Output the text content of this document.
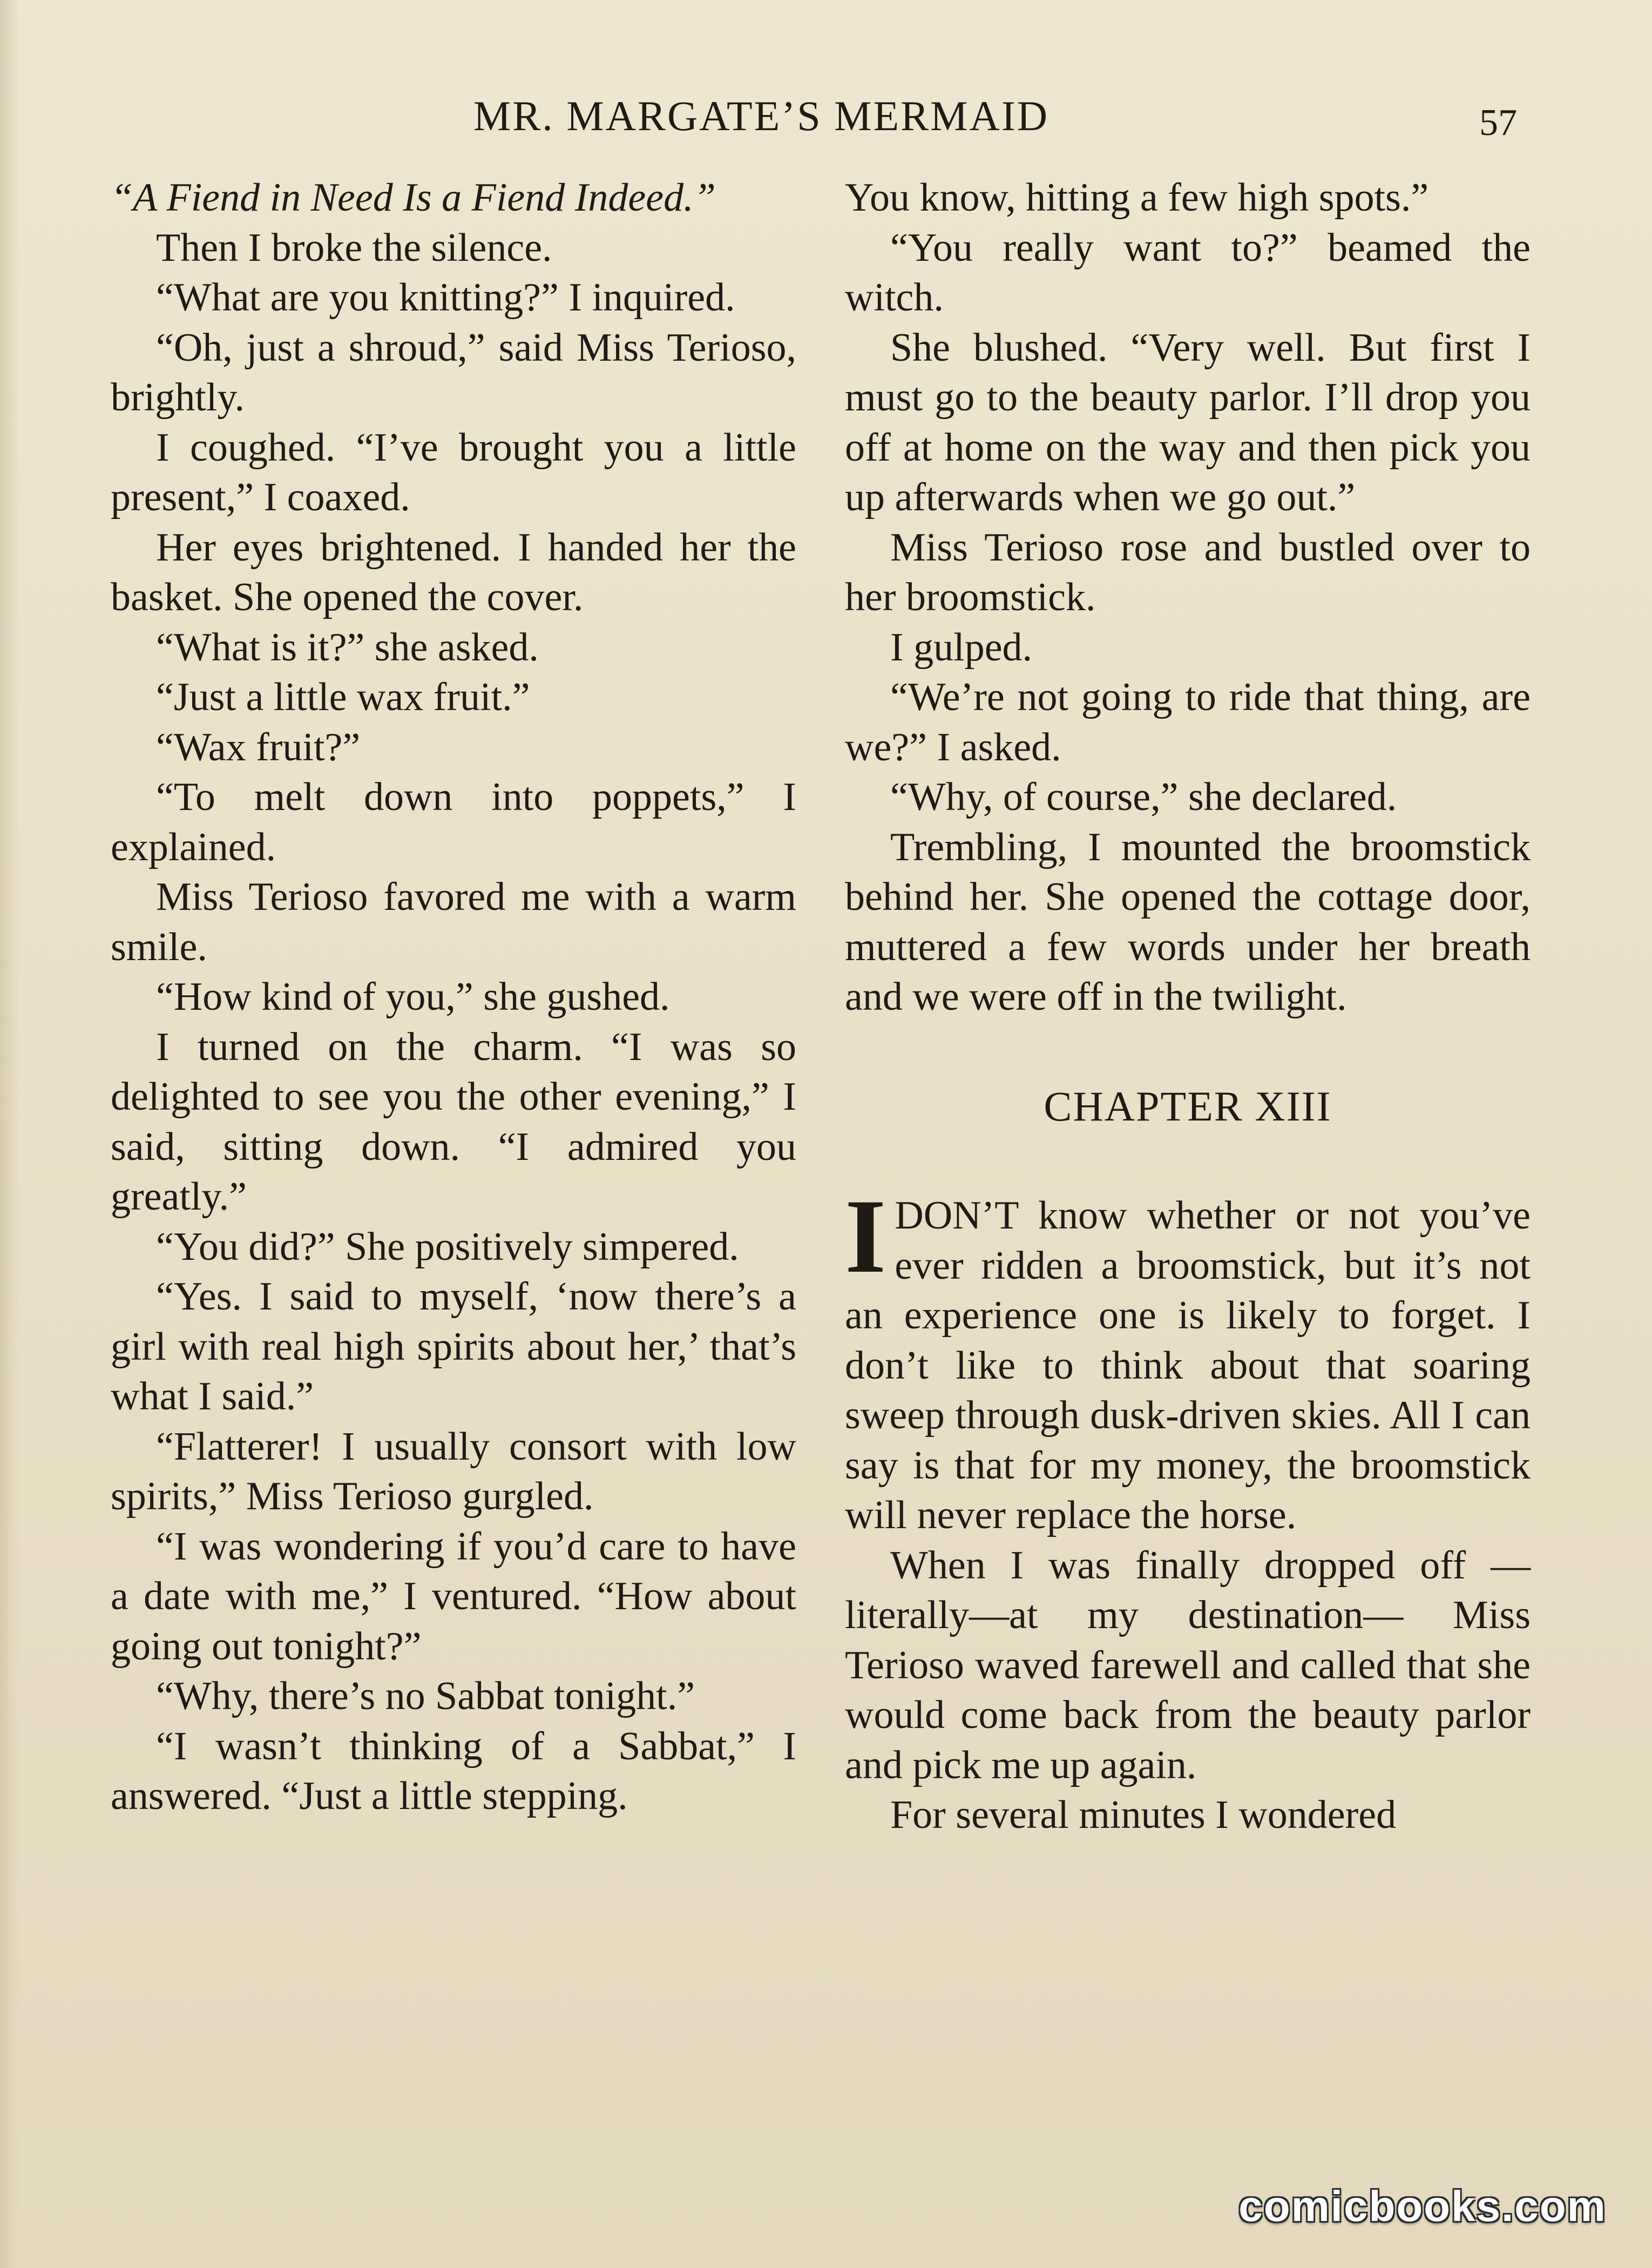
MR. MARGATE’S MERMAID	57

“A Fiend in Need Is a Fiend Indeed.”

Then I broke the silence.

“What are you knitting?” I inquired.

“Oh, just a shroud,” said Miss Terioso, brightly.

I coughed. “I’ve brought you a little present,” I coaxed.

Her eyes brightened. I handed her the basket. She opened the cover.

“What is it?” she asked.

“Just a little wax fruit.”

“Wax fruit?”

“To melt down into poppets,” I explained.

Miss Terioso favored me with a warm smile.

“How kind of you,” she gushed.

I turned on the charm. “I was so delighted to see you the other evening,” I said, sitting down. “I admired you greatly.”

“You did?” She positively simpered.

“Yes. I said to myself, ‘now there’s a girl with real high spirits about her,’ that’s what I said.”

“Flatterer! I usually consort with low spirits,” Miss Terioso gurgled.

“I was wondering if you’d care to have a date with me,” I ventured. “How about going out tonight?”

“Why, there’s no Sabbat tonight.”

“I wasn’t thinking of a Sabbat,” I answered. “Just a little stepping.

You know, hitting a few high spots.”

“You really want to?” beamed the witch.

She blushed. “Very well. But first I must go to the beauty parlor. I’ll drop you off at home on the way and then pick you up afterwards when we go out.”

Miss Terioso rose and bustled over to her broomstick.

I gulped.

“We’re not going to ride that thing, are we?” I asked.

“Why, of course,” she declared.

Trembling, I mounted the broomstick behind her. She opened the cottage door, muttered a few words under her breath and we were off in the twilight.

CHAPTER XIII

IDON’T know whether or not you’ve ever ridden a broomstick, but it’s not an experience one is likely to forget. I don’t like to think about that soaring sweep through dusk-driven skies. All I can say is that for my money, the broomstick will never replace the horse.

When I was finally dropped off —literally—at my destination— Miss Terioso waved farewell and called that she would come back from the beauty parlor and pick me up again.

For several minutes I wondered

comicbooks.com
